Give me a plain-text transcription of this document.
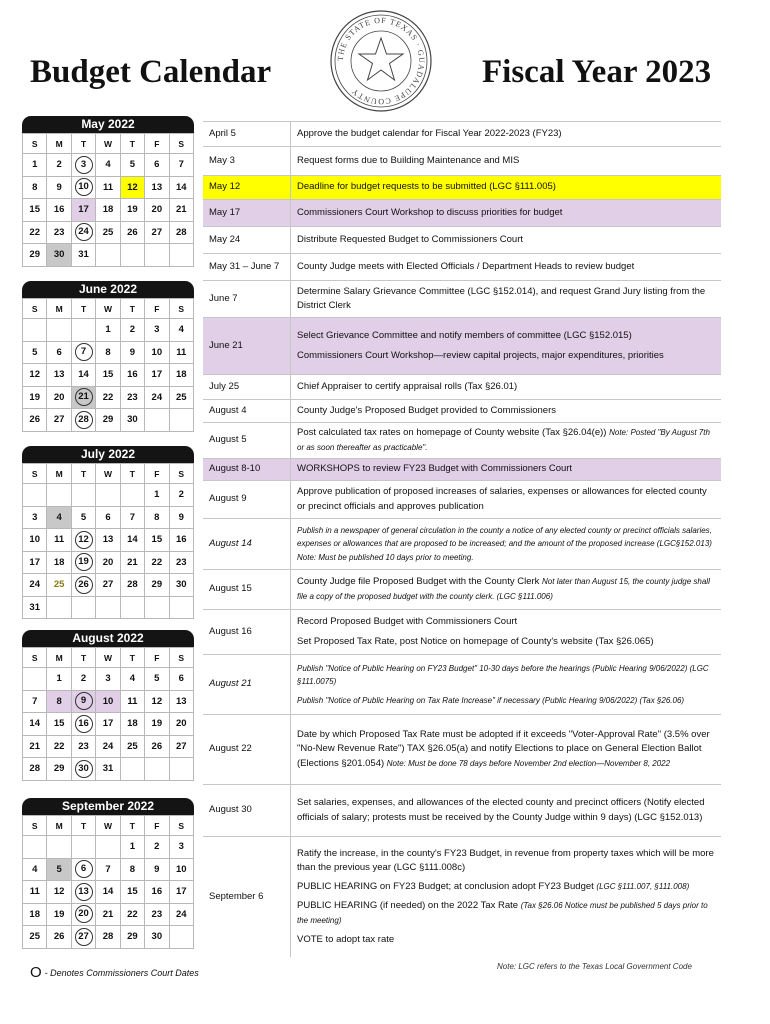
Budget Calendar	Fiscal Year 2023
THE STATE OF TEXAS · GUADALUPE COUNTY
May 2022
S	M	T	W	T	F	S
1	2	3	4	5	6	7
8	9	10	11	12	13	14
15	16	17	18	19	20	21
22	23	24	25	26	27	28
29	30	31				
June 2022
S	M	T	W	T	F	S
			1	2	3	4
5	6	7	8	9	10	11
12	13	14	15	16	17	18
19	20	21	22	23	24	25
26	27	28	29	30		
July 2022
S	M	T	W	T	F	S
					1	2
3	4	5	6	7	8	9
10	11	12	13	14	15	16
17	18	19	20	21	22	23
24	25	26	27	28	29	30
31						
August 2022
S	M	T	W	T	F	S
	1	2	3	4	5	6
7	8	9	10	11	12	13
14	15	16	17	18	19	20
21	22	23	24	25	26	27
28	29	30	31			
September 2022
S	M	T	W	T	F	S
				1	2	3
4	5	6	7	8	9	10
11	12	13	14	15	16	17
18	19	20	21	22	23	24
25	26	27	28	29	30	
April 5	Approve the budget calendar for Fiscal Year 2022-2023 (FY23)
May 3	Request forms due to Building Maintenance and MIS
May 12	Deadline for budget requests to be submitted (LGC §111.005)
May 17	Commissioners Court Workshop to discuss priorities for budget
May 24	Distribute Requested Budget to Commissioners Court
May 31 – June 7	County Judge meets with Elected Officials / Department Heads to review budget
June 7	Determine Salary Grievance Committee (LGC §152.014), and request Grand Jury listing from the District Clerk
June 21	Select Grievance Committee and notify members of committee (LGC §152.015)

Commissioners Court Workshop—review capital projects, major expenditures, priorities

July 25	Chief Appraiser to certify appraisal rolls (Tax §26.01)
August 4	County Judge's Proposed Budget provided to Commissioners
August 5	Post calculated tax rates on homepage of County website (Tax §26.04(e)) Note: Posted "By August 7th or as soon thereafter as practicable".
August 8-10	WORKSHOPS to review FY23 Budget with Commissioners Court
August 9	Approve publication of proposed increases of salaries, expenses or allowances for elected county or precinct officials and approves publication
August 14	Publish in a newspaper of general circulation in the county a notice of any elected county or precinct officials salaries, expenses or allowances that are proposed to be increased; and the amount of the proposed increase (LGC§152.013) Note: Must be published 10 days prior to meeting.
August 15	County Judge file Proposed Budget with the County Clerk Not later than August 15, the county judge shall file a copy of the proposed budget with the county clerk. (LGC §111.006)
August 16	Record Proposed Budget with Commissioners Court

Set Proposed Tax Rate, post Notice on homepage of County's website (Tax §26.065)

August 21	Publish "Notice of Public Hearing on FY23 Budget" 10-30 days before the hearings (Public Hearing 9/06/2022) (LGC §111.0075)

Publish "Notice of Public Hearing on Tax Rate Increase" if necessary (Public Hearing 9/06/2022) (Tax §26.06)

August 22	Date by which Proposed Tax Rate must be adopted if it exceeds "Voter-Approval Rate" (3.5% over "No-New Revenue Rate") TAX §26.05(a) and notify Elections to place on General Election Ballot (Elections §201.054) Note: Must be done 78 days before November 2nd election—November 8, 2022
August 30	Set salaries, expenses, and allowances of the elected county and precinct officers (Notify elected officials of salary; protests must be received by the County Judge within 9 days) (LGC §152.013)
September 6	Ratify the increase, in the county's FY23 Budget, in revenue from property taxes which will be more than the previous year (LGC §111.008c)

PUBLIC HEARING on FY23 Budget; at conclusion adopt FY23 Budget (LGC §111.007, §111.008)

PUBLIC HEARING (if needed) on the 2022 Tax Rate (Tax §26.06 Notice must be published 5 days prior to the meeting)

VOTE to adopt tax rate

O - Denotes Commissioners Court Dates
Note: LGC refers to the Texas Local Government Code
